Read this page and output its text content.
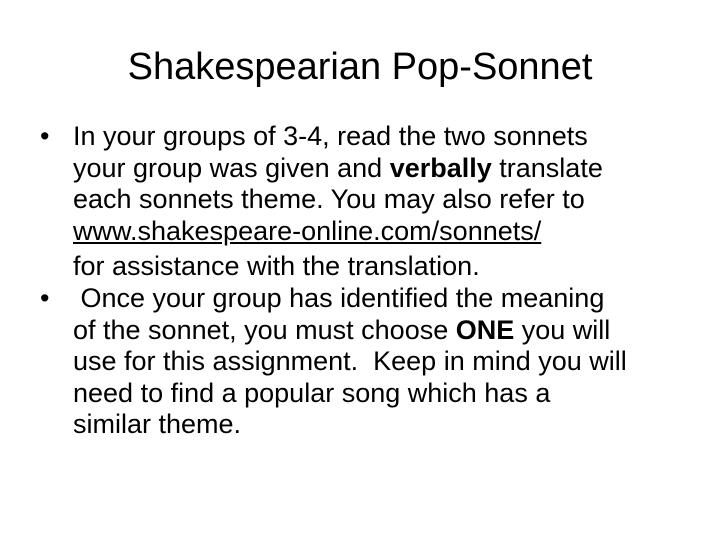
Shakespearian Pop-Sonnet
• In your groups of 3-4, read the two sonnets
your group was given and verbally translate
each sonnets theme. You may also refer to
www.shakespeare-online.com/sonnets/
for assistance with the translation.
• Once your group has identified the meaning
of the sonnet, you must choose ONE you will
use for this assignment.  Keep in mind you will
need to find a popular song which has a
similar theme.
